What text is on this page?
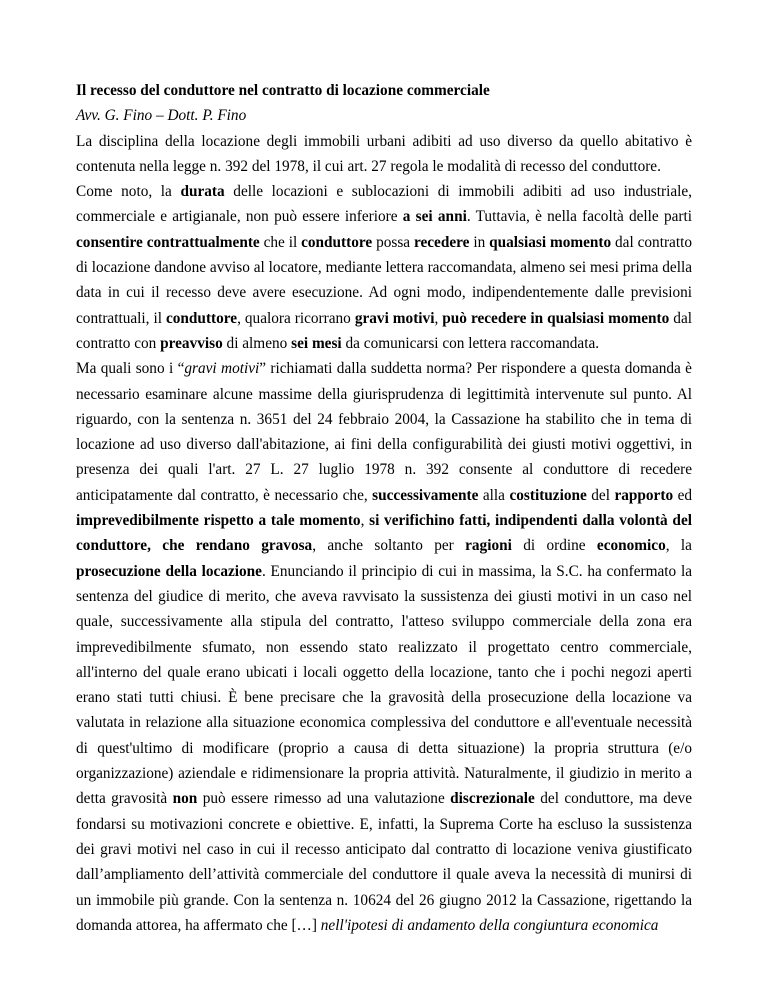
Il recesso del conduttore nel contratto di locazione commerciale

Avv. G. Fino – Dott. P. Fino

La disciplina della locazione degli immobili urbani adibiti ad uso diverso da quello abitativo è contenuta nella legge n. 392 del 1978, il cui art. 27 regola le modalità di recesso del conduttore.

Come noto, la durata delle locazioni e sublocazioni di immobili adibiti ad uso industriale, commerciale e artigianale, non può essere inferiore a sei anni. Tuttavia, è nella facoltà delle parti consentire contrattualmente che il conduttore possa recedere in qualsiasi momento dal contratto di locazione dandone avviso al locatore, mediante lettera raccomandata, almeno sei mesi prima della data in cui il recesso deve avere esecuzione. Ad ogni modo, indipendentemente dalle previsioni contrattuali, il conduttore, qualora ricorrano gravi motivi, può recedere in qualsiasi momento dal contratto con preavviso di almeno sei mesi da comunicarsi con lettera raccomandata.

Ma quali sono i “gravi motivi” richiamati dalla suddetta norma? Per rispondere a questa domanda è necessario esaminare alcune massime della giurisprudenza di legittimità intervenute sul punto. Al riguardo, con la sentenza n. 3651 del 24 febbraio 2004, la Cassazione ha stabilito che in tema di locazione ad uso diverso dall'abitazione, ai fini della configurabilità dei giusti motivi oggettivi, in presenza dei quali l'art. 27 L. 27 luglio 1978 n. 392 consente al conduttore di recedere anticipatamente dal contratto, è necessario che, successivamente alla costituzione del rapporto ed imprevedibilmente rispetto a tale momento, si verifichino fatti, indipendenti dalla volontà del conduttore, che rendano gravosa, anche soltanto per ragioni di ordine economico, la prosecuzione della locazione. Enunciando il principio di cui in massima, la S.C. ha confermato la sentenza del giudice di merito, che aveva ravvisato la sussistenza dei giusti motivi in un caso nel quale, successivamente alla stipula del contratto, l'atteso sviluppo commerciale della zona era imprevedibilmente sfumato, non essendo stato realizzato il progettato centro commerciale, all'interno del quale erano ubicati i locali oggetto della locazione, tanto che i pochi negozi aperti erano stati tutti chiusi. È bene precisare che la gravosità della prosecuzione della locazione va valutata in relazione alla situazione economica complessiva del conduttore e all'eventuale necessità di quest'ultimo di modificare (proprio a causa di detta situazione) la propria struttura (e/o organizzazione) aziendale e ridimensionare la propria attività. Naturalmente, il giudizio in merito a detta gravosità non può essere rimesso ad una valutazione discrezionale del conduttore, ma deve fondarsi su motivazioni concrete e obiettive. E, infatti, la Suprema Corte ha escluso la sussistenza dei gravi motivi nel caso in cui il recesso anticipato dal contratto di locazione veniva giustificato dall’ampliamento dell’attività commerciale del conduttore il quale aveva la necessità di munirsi di un immobile più grande. Con la sentenza n. 10624 del 26 giugno 2012 la Cassazione, rigettando la domanda attorea, ha affermato che […] nell'ipotesi di andamento della congiuntura economica
